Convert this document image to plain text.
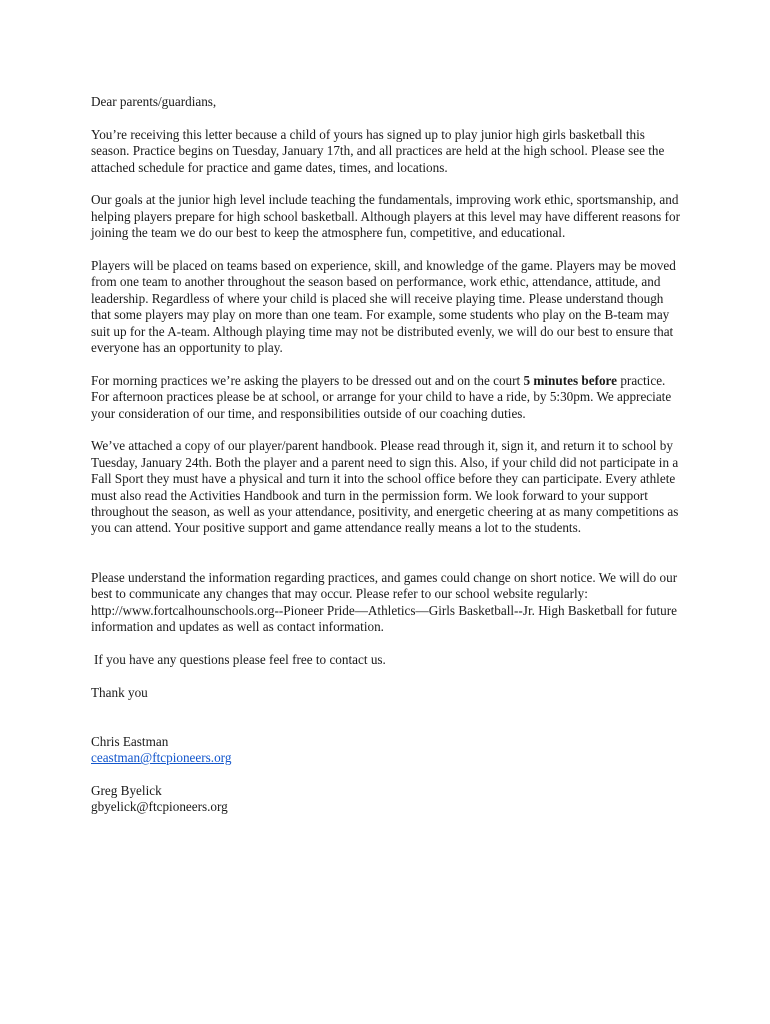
Dear parents/guardians,

You’re receiving this letter because a child of yours has signed up to play junior high girls basketball this season. Practice begins on Tuesday, January 17th, and all practices are held at the high school. Please see the attached schedule for practice and game dates, times, and locations.

Our goals at the junior high level include teaching the fundamentals, improving work ethic, sportsmanship, and helping players prepare for high school basketball. Although players at this level may have different reasons for joining the team we do our best to keep the atmosphere fun, competitive, and educational.

Players will be placed on teams based on experience, skill, and knowledge of the game. Players may be moved from one team to another throughout the season based on performance, work ethic, attendance, attitude, and leadership. Regardless of where your child is placed she will receive playing time. Please understand though that some players may play on more than one team. For example, some students who play on the B-team may suit up for the A-team. Although playing time may not be distributed evenly, we will do our best to ensure that everyone has an opportunity to play.

For morning practices we’re asking the players to be dressed out and on the court 5 minutes before practice. For afternoon practices please be at school, or arrange for your child to have a ride, by 5:30pm. We appreciate your consideration of our time, and responsibilities outside of our coaching duties.

We’ve attached a copy of our player/parent handbook. Please read through it, sign it, and return it to school by Tuesday, January 24th. Both the player and a parent need to sign this. Also, if your child did not participate in a Fall Sport they must have a physical and turn it into the school office before they can participate. Every athlete must also read the Activities Handbook and turn in the permission form. We look forward to your support throughout the season, as well as your attendance, positivity, and energetic cheering at as many competitions as you can attend. Your positive support and game attendance really means a lot to the students.

Please understand the information regarding practices, and games could change on short notice. We will do our best to communicate any changes that may occur. Please refer to our school website regularly: http://www.fortcalhounschools.org--Pioneer Pride—Athletics—Girls Basketball--Jr. High Basketball for future information and updates as well as contact information.

If you have any questions please feel free to contact us.

Thank you

Chris Eastman

ceastman@ftcpioneers.org

Greg Byelick

gbyelick@ftcpioneers.org
